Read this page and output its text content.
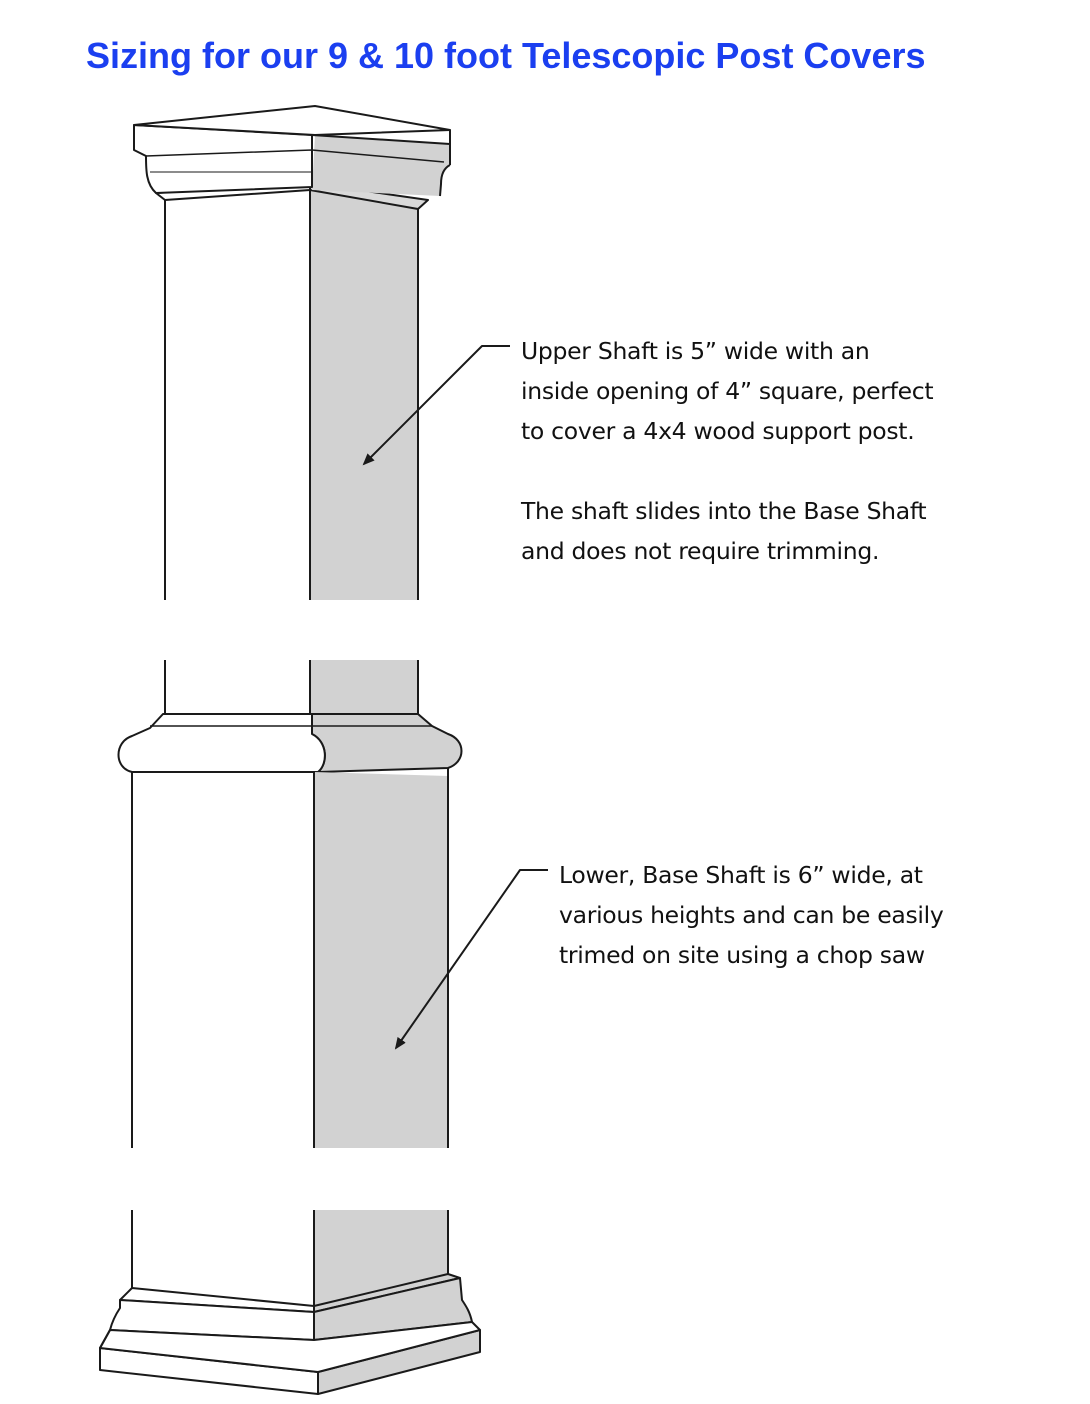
Sizing for our 9 & 10 foot Telescopic Post Covers

Upper Shaft is 5” wide with an

inside opening of 4” square, perfect

to cover a 4x4 wood support post.

The shaft slides into the Base Shaft

and does not require trimming.

Lower, Base Shaft is 6” wide, at

various heights and can be easily

trimed on site using a chop saw
